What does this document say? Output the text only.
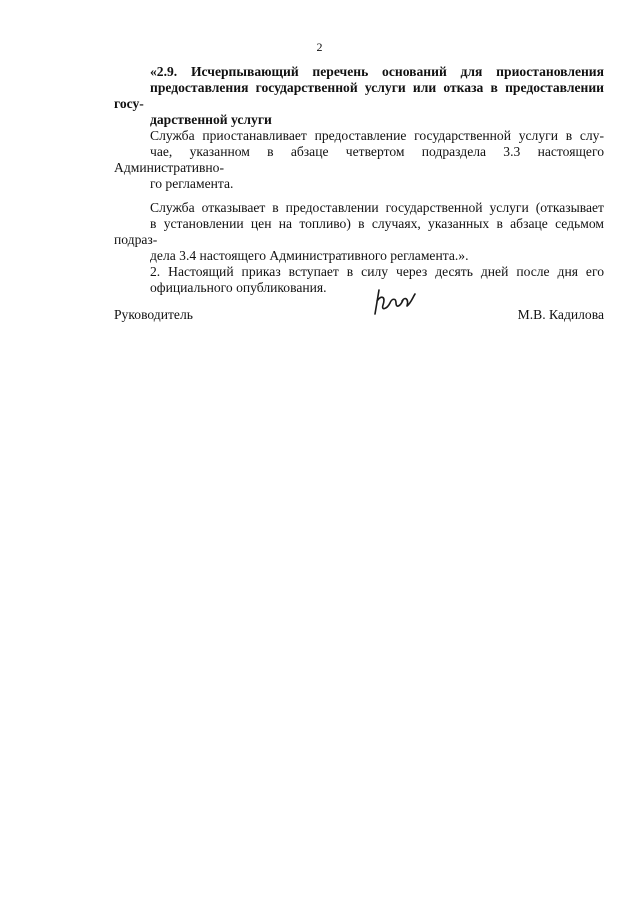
2

«2.9. Исчерпывающий перечень оснований для приостановления
предоставления государственной услуги или отказа в предоставлении госу-
дарственной услуги

Служба приостанавливает предоставление государственной услуги в слу-
чае, указанном в абзаце четвертом подраздела 3.3 настоящего Административно-
го регламента.

Служба отказывает в предоставлении государственной услуги (отказывает
в установлении цен на топливо) в случаях, указанных в абзаце седьмом подраз-
дела 3.4 настоящего Административного регламента.».

2. Настоящий приказ вступает в силу через десять дней после дня его
официального опубликования.

Руководитель	М.В. Кадилова
